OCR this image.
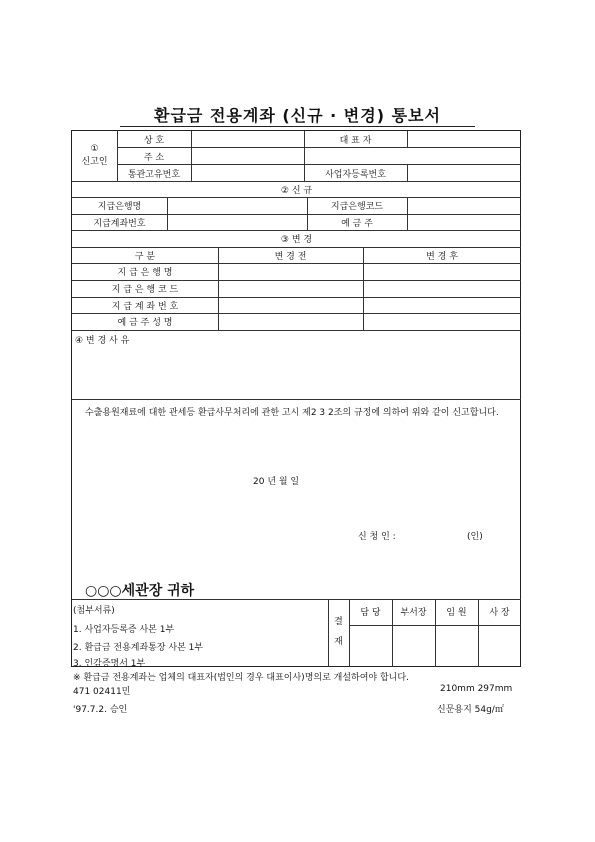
환급금 전용계좌 (신규 · 변경) 통보서
①
신고인
상 호	대 표 자
주 소
통관고유번호	사업자등록번호
② 신 규
지급은행명	지급은행코드
지급계좌번호	예 금 주
③ 변 경
구 분	변 경 전	변 경 후
지 급 은 행 명
지 급 은 행 코 드
지 급 계 좌 번 호
예 금 주 성 명
④ 변 경 사 유
수출용원재료에 대한 관세등 환급사무처리에 관한 고시 제2 3 2조의 규정에 의하여 위와 같이 신고합니다.
20 년 월 일
신 청 인 :	(인)
○○○세관장 귀하
(첨부서류)
1. 사업자등록증 사본 1부
2. 환급금 전용계좌통장 사본 1부
3. 인감증명서 1부
결
재
담 당	부서장	임 원	사 장
※ 환급금 전용계좌는 업체의 대표자(법인의 경우 대표이사)명의로 개설하여야 합니다.
471 02411민	210mm 297mm
'97.7.2. 승인	신문용지 54g/㎡
